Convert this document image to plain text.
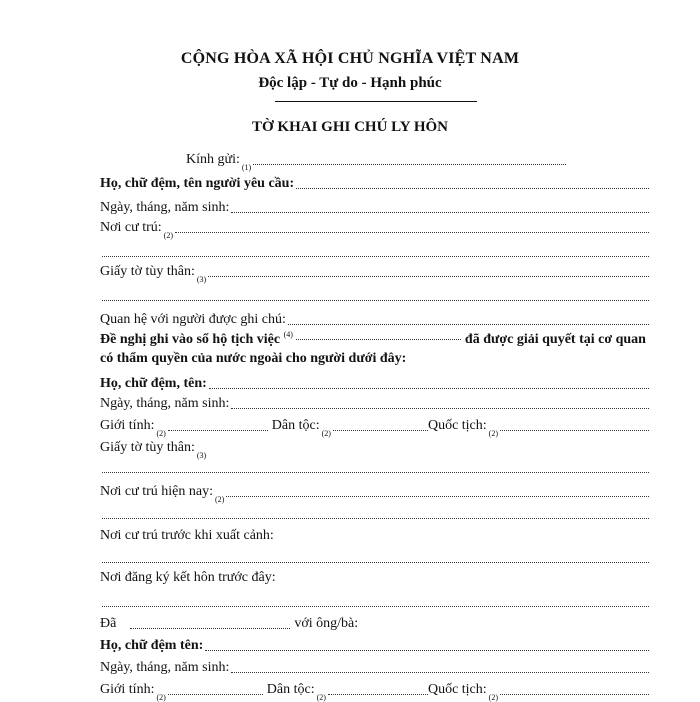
CỘNG HÒA XÃ HỘI CHỦ NGHĨA VIỆT NAM
Độc lập - Tự do - Hạnh phúc
TỜ KHAI GHI CHÚ LY HÔN
Kính gửi:
(1)
Họ, chữ đệm, tên người yêu cầu:
Ngày, tháng, năm sinh:
Nơi cư trú:
(2)
Giấy tờ tùy thân:
(3)
Quan hệ với người được ghi chú:
Đề nghị ghi vào sổ hộ tịch việc $^{(4)}$	đã được giải quyết tại cơ quan có thẩm quyền của nước ngoài cho người dưới đây:
Họ, chữ đệm, tên:
Ngày, tháng, năm sinh:
Giới tính:
(2)
Dân tộc:
(2)
Quốc tịch:
(2)
Giấy tờ tùy thân:
(3)
Nơi cư trú hiện nay:
(2)
Nơi cư trú trước khi xuất cảnh:
Nơi đăng ký kết hôn trước đây:
Đã	với ông/bà:
Họ, chữ đệm tên:
Ngày, tháng, năm sinh:
Giới tính:
(2)
Dân tộc:
(2)
Quốc tịch:
(2)
